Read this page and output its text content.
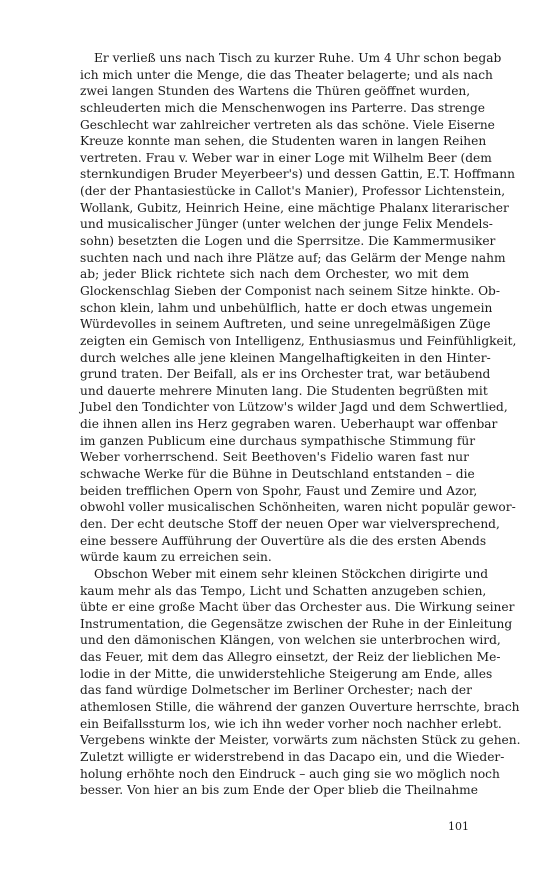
Er verließ uns nach Tisch zu kurzer Ruhe. Um 4 Uhr schon begab
ich mich unter die Menge, die das Theater belagerte; und als nach
zwei langen Stunden des Wartens die Thüren geöffnet wurden,
schleuderten mich die Menschenwogen ins Parterre. Das strenge
Geschlecht war zahlreicher vertreten als das schöne. Viele Eiserne
Kreuze konnte man sehen, die Studenten waren in langen Reihen
vertreten. Frau v. Weber war in einer Loge mit Wilhelm Beer (dem
sternkundigen Bruder Meyerbeer's) und dessen Gattin, E.T. Hoffmann
(der der Phantasiestücke in Callot's Manier), Professor Lichtenstein,
Wollank, Gubitz, Heinrich Heine, eine mächtige Phalanx literarischer
und musicalischer Jünger (unter welchen der junge Felix Mendels-
sohn) besetzten die Logen und die Sperrsitze. Die Kammermusiker
suchten nach und nach ihre Plätze auf; das Gelärm der Menge nahm
ab; jeder Blick richtete sich nach dem Orchester, wo mit dem
Glockenschlag Sieben der Componist nach seinem Sitze hinkte. Ob-
schon klein, lahm und unbehülflich, hatte er doch etwas ungemein
Würdevolles in seinem Auftreten, und seine unregelmäßigen Züge
zeigten ein Gemisch von Intelligenz, Enthusiasmus und Feinfühligkeit,
durch welches alle jene kleinen Mangelhaftigkeiten in den Hinter-
grund traten. Der Beifall, als er ins Orchester trat, war betäubend
und dauerte mehrere Minuten lang. Die Studenten begrüßten mit
Jubel den Tondichter von Lützow's wilder Jagd und dem Schwertlied,
die ihnen allen ins Herz gegraben waren. Ueberhaupt war offenbar
im ganzen Publicum eine durchaus sympathische Stimmung für
Weber vorherrschend. Seit Beethoven's Fidelio waren fast nur
schwache Werke für die Bühne in Deutschland entstanden – die
beiden trefflichen Opern von Spohr, Faust und Zemire und Azor,
obwohl voller musicalischen Schönheiten, waren nicht populär gewor-
den. Der echt deutsche Stoff der neuen Oper war vielversprechend,
eine bessere Aufführung der Ouvertüre als die des ersten Abends
würde kaum zu erreichen sein.
Obschon Weber mit einem sehr kleinen Stöckchen dirigirte und
kaum mehr als das Tempo, Licht und Schatten anzugeben schien,
übte er eine große Macht über das Orchester aus. Die Wirkung seiner
Instrumentation, die Gegensätze zwischen der Ruhe in der Einleitung
und den dämonischen Klängen, von welchen sie unterbrochen wird,
das Feuer, mit dem das Allegro einsetzt, der Reiz der lieblichen Me-
lodie in der Mitte, die unwiderstehliche Steigerung am Ende, alles
das fand würdige Dolmetscher im Berliner Orchester; nach der
athemlosen Stille, die während der ganzen Ouverture herrschte, brach
ein Beifallssturm los, wie ich ihn weder vorher noch nachher erlebt.
Vergebens winkte der Meister, vorwärts zum nächsten Stück zu gehen.
Zuletzt willigte er widerstrebend in das Dacapo ein, und die Wieder-
holung erhöhte noch den Eindruck – auch ging sie wo möglich noch
besser. Von hier an bis zum Ende der Oper blieb die Theilnahme
101
